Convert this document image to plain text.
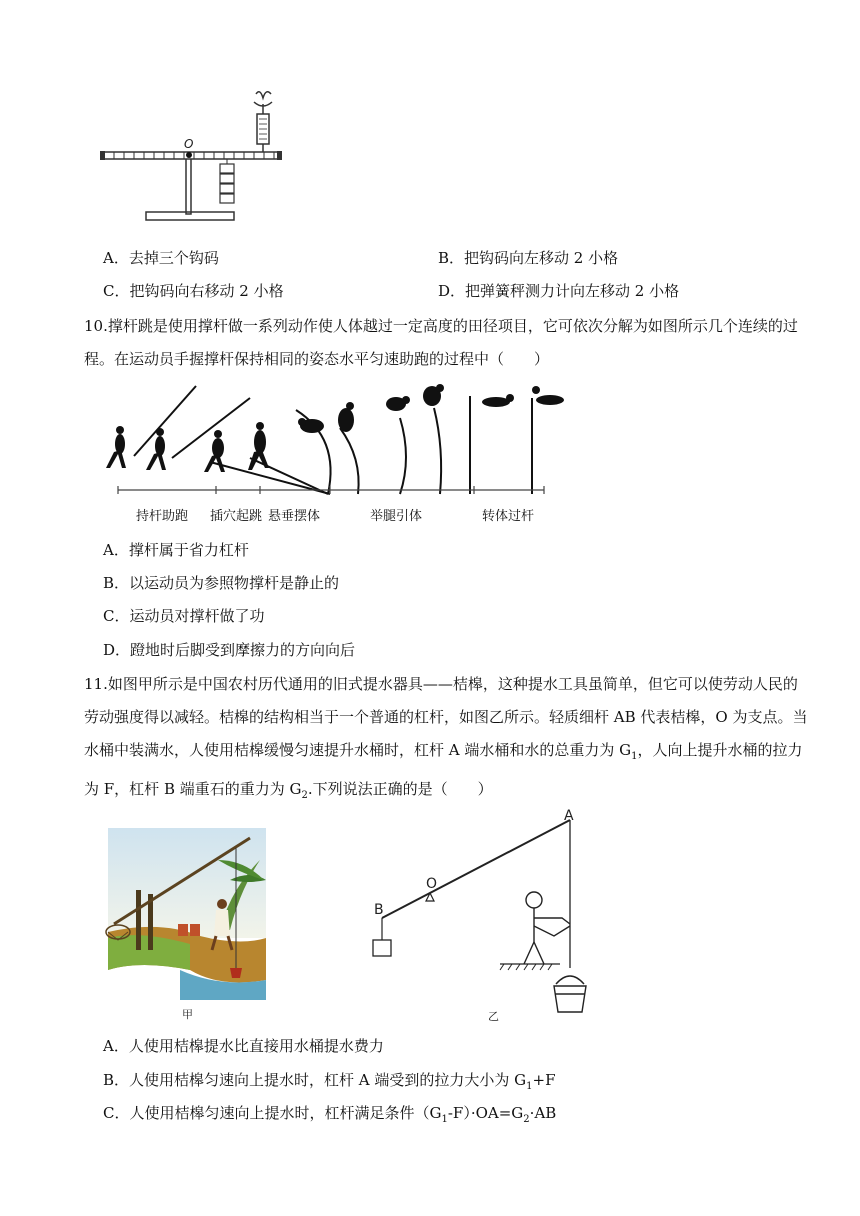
O
A．去掉三个钩码	B．把钩码向左移动 2 小格
C．把钩码向右移动 2 小格	D．把弹簧秤测力计向左移动 2 小格
10.撑杆跳是使用撑杆做一系列动作使人体越过一定高度的田径项目，它可依次分解为如图所示几个连续的过程。在运动员手握撑杆保持相同的姿态水平匀速助跑的过程中（　　）
持杆助跑 插穴起跳 悬垂摆体	举腿引体	转体过杆
A．撑杆属于省力杠杆
B．以运动员为参照物撑杆是静止的
C．运动员对撑杆做了功
D．蹬地时后脚受到摩擦力的方向向后
11.如图甲所示是中国农村历代通用的旧式提水器具——桔槔，这种提水工具虽简单，但它可以使劳动人民的劳动强度得以减轻。桔槔的结构相当于一个普通的杠杆，如图乙所示。轻质细杆 AB 代表桔槔，O 为支点。当水桶中装满水，人使用桔槔缓慢匀速提升水桶时，杠杆 A 端水桶和水的总重力为 $G_1$，人向上提升水桶的拉力为 F，杠杆 B 端重石的重力为 $G_2$.下列说法正确的是（　　）
甲
O
A
B
乙
A．人使用桔槔提水比直接用水桶提水费力
B．人使用桔槔匀速向上提水时，杠杆 A 端受到的拉力大小为 $G_1+F$
C．人使用桔槔匀速向上提水时，杠杆满足条件$(G_1-F)\cdot OA=G_2\cdot AB$
